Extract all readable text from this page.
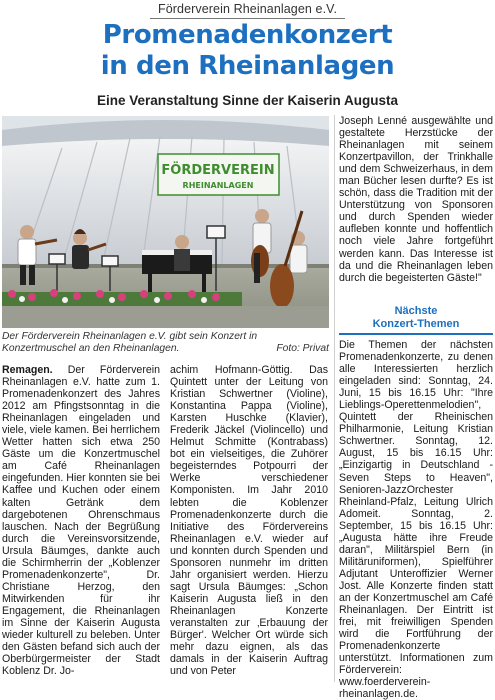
Förderverein Rheinanlagen e.V.
Promenadenkonzert
in den Rheinanlagen
Eine Veranstaltung Sinne der Kaiserin Augusta
FÖRDERVEREIN
RHEINANLAGEN
Der Förderverein Rheinanlagen e.V. gibt sein Konzert in Konzertmuschel an den Rheinanlagen.	Foto: Privat

Remagen. Der Förderverein Rheinanlagen e.V. hatte zum 1. Promenadenkonzert des Jahres 2012 am Pfingstsonntag in die Rheinanlagen eingeladen und viele, viele kamen. Bei herrlichem Wetter hatten sich etwa 250 Gäste um die Konzertmuschel am Café Rheinanlagen eingefunden. Hier konnten sie bei Kaffee und Kuchen oder einem kalten Getränk dem dargebotenen Ohrenschmaus lauschen. Nach der Begrüßung durch die Vereinsvorsitzende, Ursula Bäumges, dankte auch die Schirmherrin der „Koblenzer Promenadenkonzerte", Dr. Christiane Herzog, den Mitwirkenden für ihr Engagement, die Rheinanlagen im Sinne der Kaiserin Augusta wieder kulturell zu beleben. Unter den Gästen befand sich auch der Oberbürgermeister der Stadt Koblenz Dr. Jo-

achim Hofmann-Göttig. Das Quintett unter der Leitung von Kristian Schwertner (Violine), Konstantina Pappa (Violine), Karsten Huschke (Klavier), Frederik Jäckel (Violincello) und Helmut Schmitte (Kontrabass) bot ein vielseitiges, die Zuhörer begeisterndes Potpourri der Werke verschiedener Komponisten. Im Jahr 2010 lebten die Koblenzer Promenadenkonzerte durch die Initiative des Fördervereins Rheinanlagen e.V. wieder auf und konnten durch Spenden und Sponsoren nunmehr im dritten Jahr organisiert werden. Hierzu sagt Ursula Bäumges: „Schon Kaiserin Augusta ließ in den Rheinanlagen Konzerte veranstalten zur ‚Erbauung der Bürger'. Welcher Ort würde sich mehr dazu eignen, als das damals in der Kaiserin Auftrag und von Peter

Joseph Lenné ausgewählte und gestaltete Herzstücke der Rheinanlagen mit seinem Konzertpavillon, der Trinkhalle und dem Schweizerhaus, in dem man Bücher lesen durfte? Es ist schön, dass die Tradition mit der Unterstützung von Sponsoren und durch Spenden wieder aufleben konnte und hoffentlich noch viele Jahre fortgeführt werden kann. Das Interesse ist da und die Rheinanlagen leben durch die begeisterten Gäste!"

Nächste
Konzert-Themen

Die Themen der nächsten Promenadenkonzerte, zu denen alle Interessierten herzlich eingeladen sind: Sonntag, 24. Juni, 15 bis 16.15 Uhr: "Ihre Lieblings-Operettenmelodien", Quintett der Rheinischen Philharmonie, Leitung Kristian Schwertner. Sonntag, 12. August, 15 bis 16.15 Uhr: „Einzigartig in Deutschland - Seven Steps to Heaven", Senioren-JazzOrchester Rheinland-Pfalz, Leitung Ulrich Adomeit. Sonntag, 2. September, 15 bis 16.15 Uhr: „Augusta hätte ihre Freude daran", Militärspiel Bern (in Militäruniformen), Spielführer Adjutant Unteroffizier Werner Jost. Alle Konzerte finden statt an der Konzertmuschel am Café Rheinanlagen. Der Eintritt ist frei, mit freiwilligen Spenden wird die Fortführung der Promenadenkonzerte unterstützt. Informationen zum Förderverein: www.foerderverein-rheinanlagen.de.
